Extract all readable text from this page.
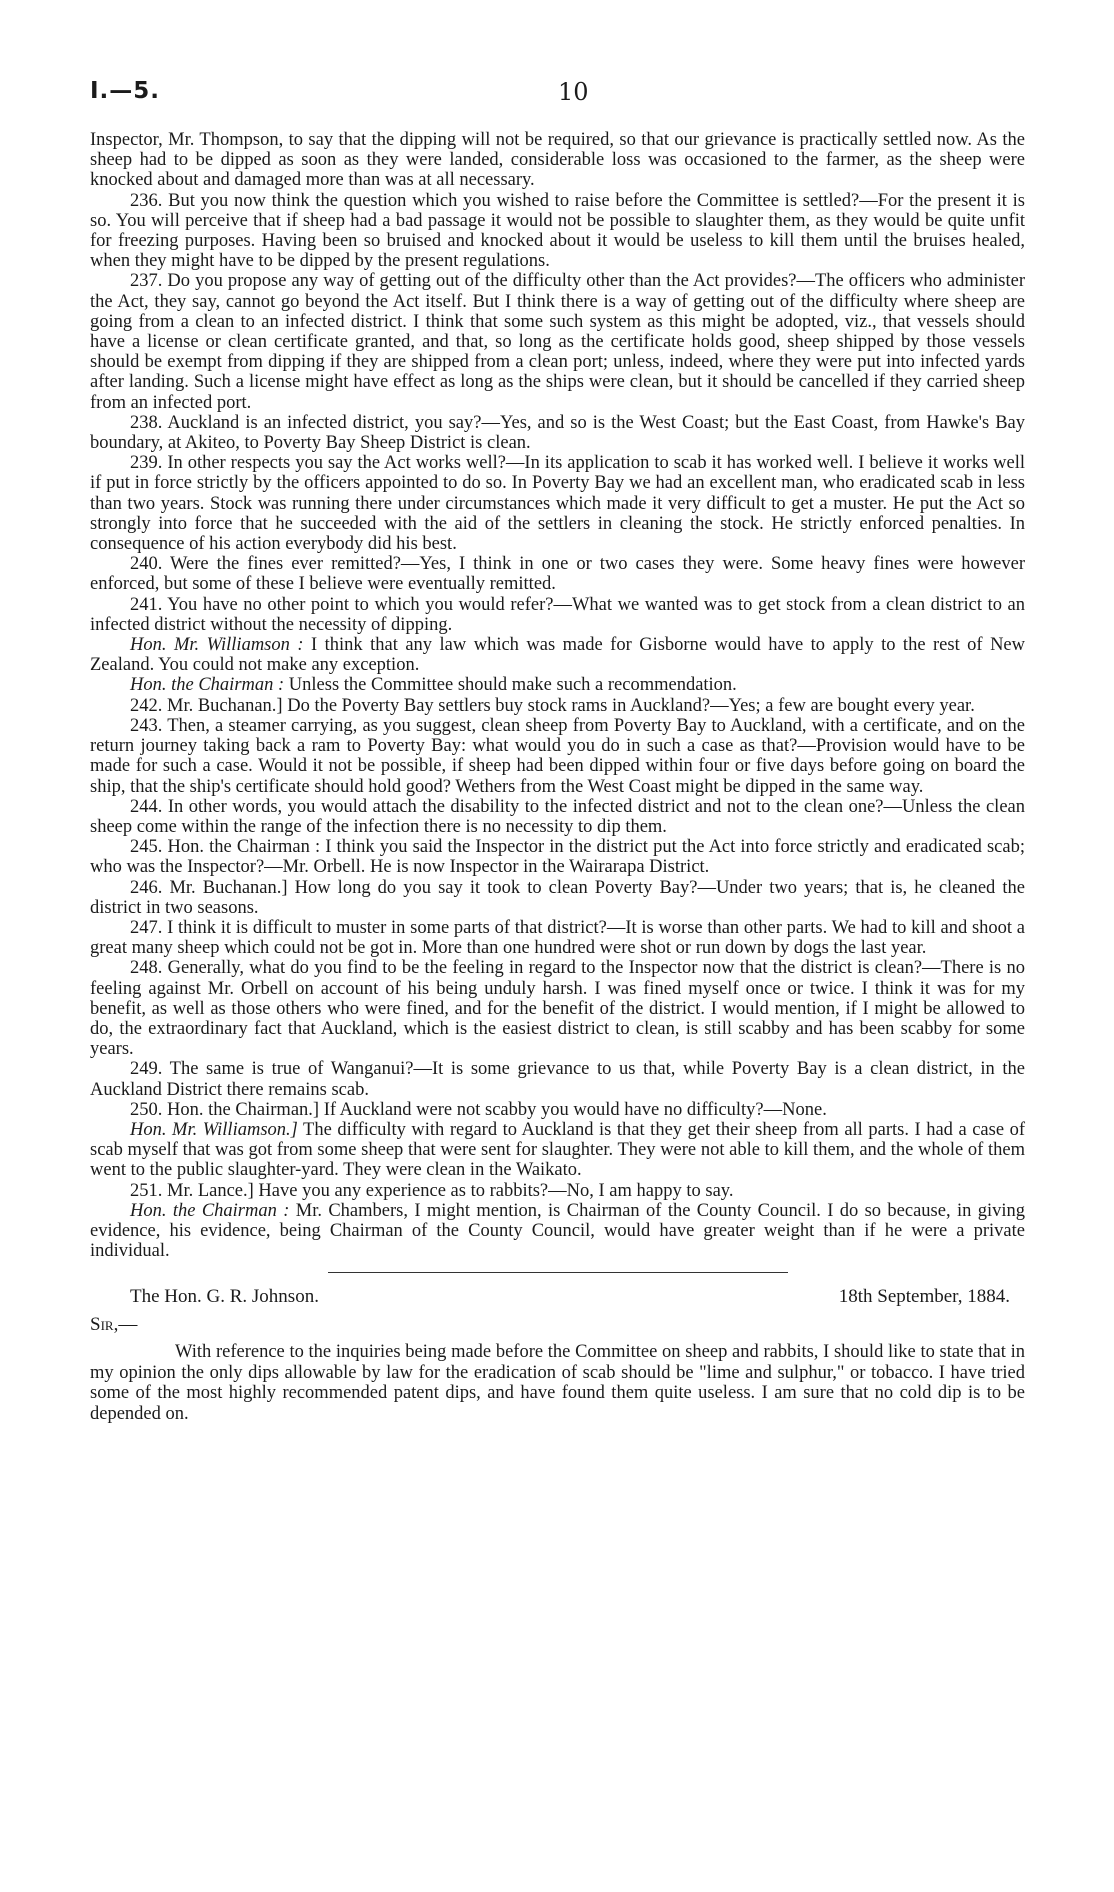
I.—5.	10

Inspector, Mr. Thompson, to say that the dipping will not be required, so that our grievance is practically settled now. As the sheep had to be dipped as soon as they were landed, considerable loss was occasioned to the farmer, as the sheep were knocked about and damaged more than was at all necessary.

236. But you now think the question which you wished to raise before the Committee is settled?—For the present it is so. You will perceive that if sheep had a bad passage it would not be possible to slaughter them, as they would be quite unfit for freezing purposes. Having been so bruised and knocked about it would be useless to kill them until the bruises healed, when they might have to be dipped by the present regulations.

237. Do you propose any way of getting out of the difficulty other than the Act provides?—The officers who administer the Act, they say, cannot go beyond the Act itself. But I think there is a way of getting out of the difficulty where sheep are going from a clean to an infected district. I think that some such system as this might be adopted, viz., that vessels should have a license or clean certificate granted, and that, so long as the certificate holds good, sheep shipped by those vessels should be exempt from dipping if they are shipped from a clean port; unless, indeed, where they were put into infected yards after landing. Such a license might have effect as long as the ships were clean, but it should be cancelled if they carried sheep from an infected port.

238. Auckland is an infected district, you say?—Yes, and so is the West Coast; but the East Coast, from Hawke's Bay boundary, at Akiteo, to Poverty Bay Sheep District is clean.

239. In other respects you say the Act works well?—In its application to scab it has worked well. I believe it works well if put in force strictly by the officers appointed to do so. In Poverty Bay we had an excellent man, who eradicated scab in less than two years. Stock was running there under circumstances which made it very difficult to get a muster. He put the Act so strongly into force that he succeeded with the aid of the settlers in cleaning the stock. He strictly enforced penalties. In consequence of his action everybody did his best.

240. Were the fines ever remitted?—Yes, I think in one or two cases they were. Some heavy fines were however enforced, but some of these I believe were eventually remitted.

241. You have no other point to which you would refer?—What we wanted was to get stock from a clean district to an infected district without the necessity of dipping.

Hon. Mr. Williamson : I think that any law which was made for Gisborne would have to apply to the rest of New Zealand. You could not make any exception.

Hon. the Chairman : Unless the Committee should make such a recommendation.

242. Mr. Buchanan.] Do the Poverty Bay settlers buy stock rams in Auckland?—Yes; a few are bought every year.

243. Then, a steamer carrying, as you suggest, clean sheep from Poverty Bay to Auckland, with a certificate, and on the return journey taking back a ram to Poverty Bay: what would you do in such a case as that?—Provision would have to be made for such a case. Would it not be possible, if sheep had been dipped within four or five days before going on board the ship, that the ship's certificate should hold good? Wethers from the West Coast might be dipped in the same way.

244. In other words, you would attach the disability to the infected district and not to the clean one?—Unless the clean sheep come within the range of the infection there is no necessity to dip them.

245. Hon. the Chairman : I think you said the Inspector in the district put the Act into force strictly and eradicated scab; who was the Inspector?—Mr. Orbell. He is now Inspector in the Wairarapa District.

246. Mr. Buchanan.] How long do you say it took to clean Poverty Bay?—Under two years; that is, he cleaned the district in two seasons.

247. I think it is difficult to muster in some parts of that district?—It is worse than other parts. We had to kill and shoot a great many sheep which could not be got in. More than one hundred were shot or run down by dogs the last year.

248. Generally, what do you find to be the feeling in regard to the Inspector now that the district is clean?—There is no feeling against Mr. Orbell on account of his being unduly harsh. I was fined myself once or twice. I think it was for my benefit, as well as those others who were fined, and for the benefit of the district. I would mention, if I might be allowed to do, the extraordinary fact that Auckland, which is the easiest district to clean, is still scabby and has been scabby for some years.

249. The same is true of Wanganui?—It is some grievance to us that, while Poverty Bay is a clean district, in the Auckland District there remains scab.

250. Hon. the Chairman.] If Auckland were not scabby you would have no difficulty?—None.

Hon. Mr. Williamson.] The difficulty with regard to Auckland is that they get their sheep from all parts. I had a case of scab myself that was got from some sheep that were sent for slaughter. They were not able to kill them, and the whole of them went to the public slaughter-yard. They were clean in the Waikato.

251. Mr. Lance.] Have you any experience as to rabbits?—No, I am happy to say.

Hon. the Chairman : Mr. Chambers, I might mention, is Chairman of the County Council. I do so because, in giving evidence, his evidence, being Chairman of the County Council, would have greater weight than if he were a private individual.

The Hon. G. R. Johnson.	18th September, 1884.
Sir,—

With reference to the inquiries being made before the Committee on sheep and rabbits, I should like to state that in my opinion the only dips allowable by law for the eradication of scab should be "lime and sulphur," or tobacco. I have tried some of the most highly recommended patent dips, and have found them quite useless. I am sure that no cold dip is to be depended on.
